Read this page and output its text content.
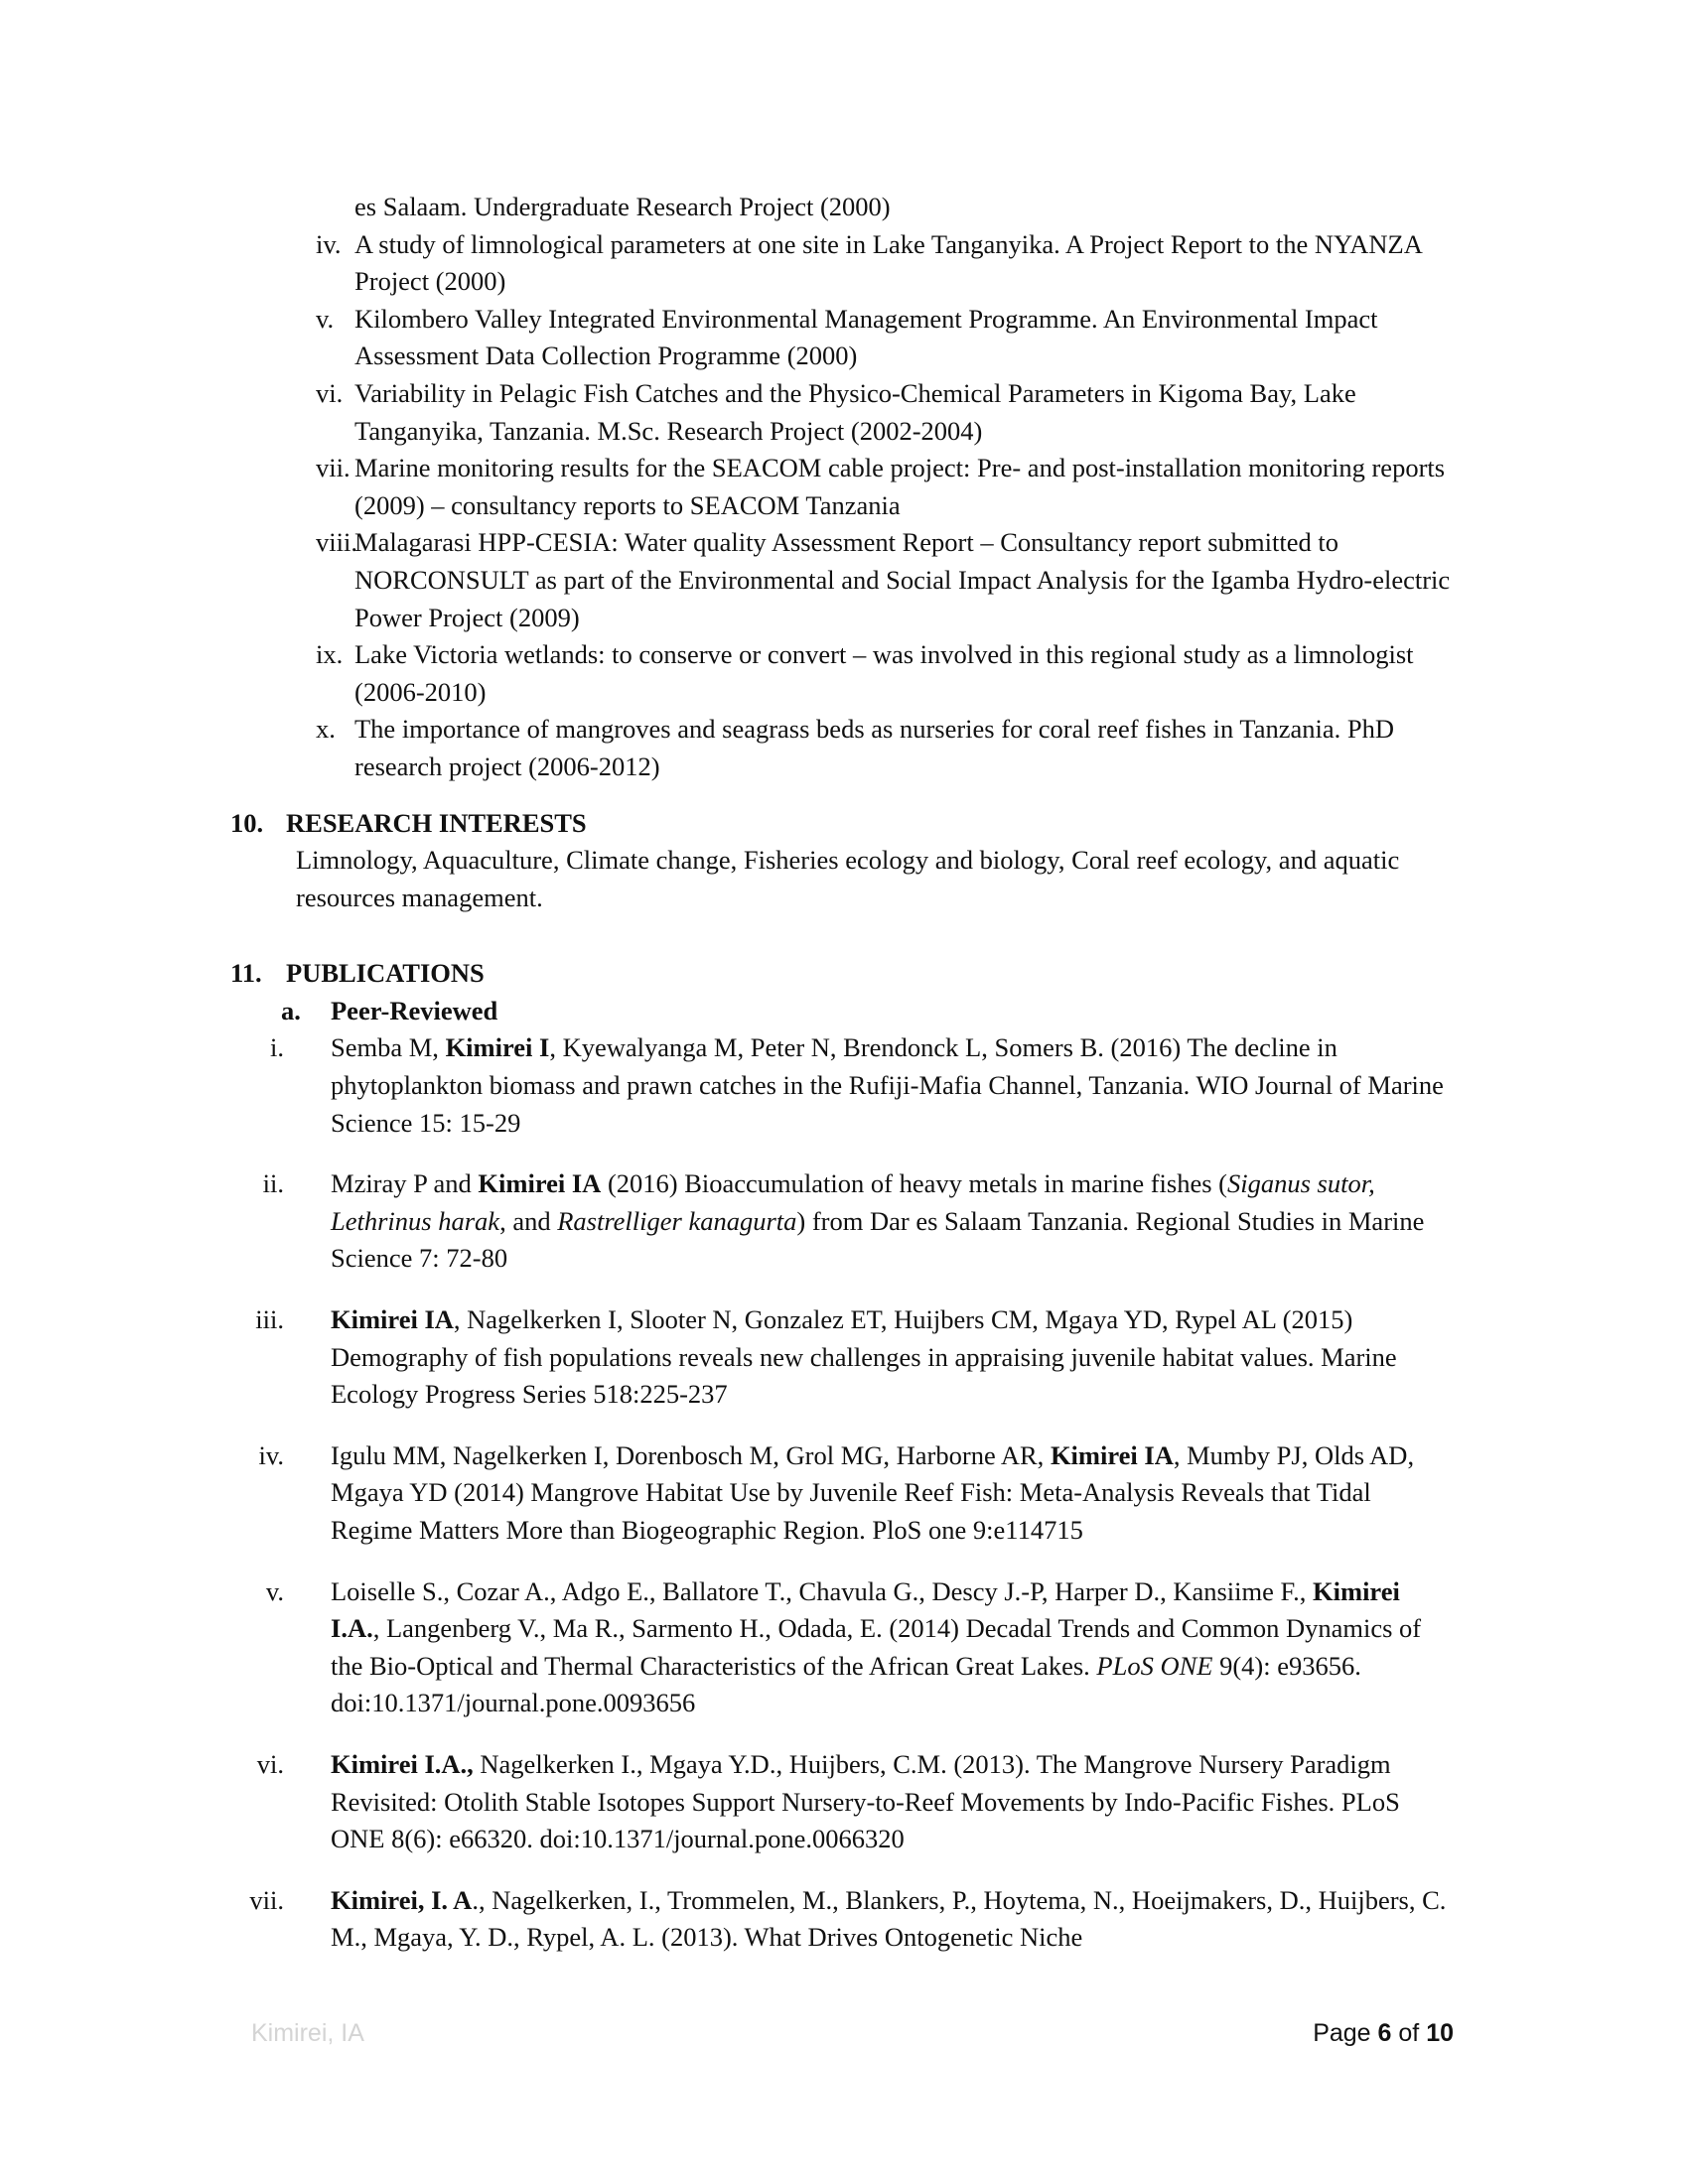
es Salaam. Undergraduate Research Project (2000)
iv. A study of limnological parameters at one site in Lake Tanganyika. A Project Report to the NYANZA Project (2000)
v. Kilombero Valley Integrated Environmental Management Programme. An Environmental Impact Assessment Data Collection Programme (2000)
vi. Variability in Pelagic Fish Catches and the Physico-Chemical Parameters in Kigoma Bay, Lake Tanganyika, Tanzania. M.Sc. Research Project (2002-2004)
vii. Marine monitoring results for the SEACOM cable project: Pre- and post-installation monitoring reports (2009) – consultancy reports to SEACOM Tanzania
viii.
Malagarasi HPP-CESIA: Water quality Assessment Report – Consultancy report submitted to NORCONSULT as part of the Environmental and Social Impact Analysis for the Igamba Hydro-electric Power Project (2009)
ix. Lake Victoria wetlands: to conserve or convert – was involved in this regional study as a limnologist (2006-2010)
x. The importance of mangroves and seagrass beds as nurseries for coral reef fishes in Tanzania. PhD research project (2006-2012)
10. RESEARCH INTERESTS
Limnology, Aquaculture, Climate change, Fisheries ecology and biology, Coral reef ecology, and aquatic resources management.
11. PUBLICATIONS
a.	Peer-Reviewed
i. Semba M, Kimirei I, Kyewalyanga M, Peter N, Brendonck L, Somers B. (2016) The decline in phytoplankton biomass and prawn catches in the Rufiji-Mafia Channel, Tanzania. WIO Journal of Marine Science 15: 15-29
ii. Mziray P and Kimirei IA (2016) Bioaccumulation of heavy metals in marine fishes (Siganus sutor, Lethrinus harak, and Rastrelliger kanagurta) from Dar es Salaam Tanzania. Regional Studies in Marine Science 7: 72-80
iii. Kimirei IA, Nagelkerken I, Slooter N, Gonzalez ET, Huijbers CM, Mgaya YD, Rypel AL (2015) Demography of fish populations reveals new challenges in appraising juvenile habitat values. Marine Ecology Progress Series 518:225-237
iv. Igulu MM, Nagelkerken I, Dorenbosch M, Grol MG, Harborne AR, Kimirei IA, Mumby PJ, Olds AD, Mgaya YD (2014) Mangrove Habitat Use by Juvenile Reef Fish: Meta-Analysis Reveals that Tidal Regime Matters More than Biogeographic Region. PloS one 9:e114715
v. Loiselle S., Cozar A., Adgo E., Ballatore T., Chavula G., Descy J.-P, Harper D., Kansiime F., Kimirei I.A., Langenberg V., Ma R., Sarmento H., Odada, E. (2014) Decadal Trends and Common Dynamics of the Bio-Optical and Thermal Characteristics of the African Great Lakes. PLoS ONE 9(4): e93656. doi:10.1371/journal.pone.0093656
vi. Kimirei I.A., Nagelkerken I., Mgaya Y.D., Huijbers, C.M. (2013). The Mangrove Nursery Paradigm Revisited: Otolith Stable Isotopes Support Nursery-to-Reef Movements by Indo-Pacific Fishes. PLoS ONE 8(6): e66320. doi:10.1371/journal.pone.0066320
vii. Kimirei, I. A., Nagelkerken, I., Trommelen, M., Blankers, P., Hoytema, N., Hoeijmakers, D., Huijbers, C. M., Mgaya, Y. D., Rypel, A. L. (2013). What Drives Ontogenetic Niche
Kimirei, IA	Page 6 of 10
